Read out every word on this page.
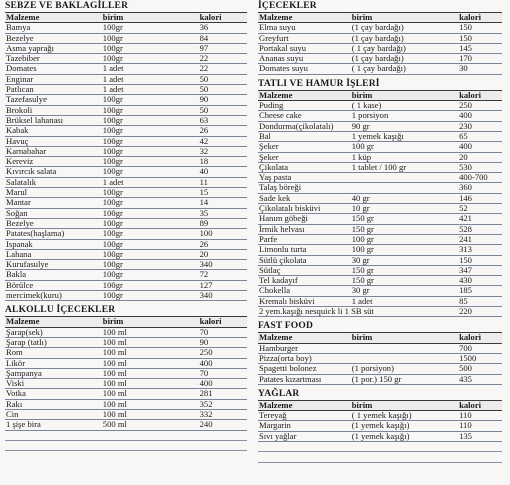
SEBZE VE BAKLAGİLLER
Malzeme	birim	kalori
Bamya	100gr	36
Bezelye	100gr	84
Asma yaprağı	100gr	97
Tazebiber	100gr	22
Domates	1 adet	22
Enginar	1 adet	50
Patlıcan	1 adet	50
Tazefasulye	100gr	90
Brokoli	100gr	50
Brüksel lahanası	100gr	63
Kabak	100gr	26
Havuç	100gr	42
Karnabahar	100gr	32
Kereviz	100gr	18
Kıvırcık salata	100gr	40
Salatalık	1 adet	11
Marul	100gr	15
Mantar	100gr	14
Soğan	100gr	35
Bezelye	100gr	89
Patates(haşlama)	100gr	100
Ispanak	100gr	26
Lahana	100gr	20
Kurufasulye	100gr	340
Bakla	100gr	72
Börülce	100gr	127
mercimek(kuru)	100gr	340
ALKOLLU İÇECEKLER
Malzeme	birim	kalori
Şarap(sek)	100 ml	70
Şarap (tatlı)	100 ml	90
Rom	100 ml	250
Likör	100 ml	400
Şampanya	100 ml	70
Viski	100 ml	400
Votka	100 ml	281
Rakı	100 ml	352
Cin	100 ml	332
1 şişe bira	500 ml	240

İÇECEKLER
Malzeme	birim	kalori
Elma suyu	(1 çay bardağı)	150
Greyfurt	(1 çay bardağı)	150
Portakal suyu	( 1 çay bardağı)	145
Ananas suyu	(1 çay bardağı)	170
Domates suyu	( 1 çay bardağı)	30
TATLI VE HAMUR İŞLERİ
Malzeme	birim	kalori
Puding	( 1 kase)	250
Cheese cake	1 porsiyon	400
Dondurma(çikolatalı)	90 gr	230
Bal	1 yemek kaşığı	65
Şeker	100 gr	400
Şeker	1 küp	20
Çikolata	1 tablet / 100 gr	530
Yaş pasta		400-700
Talaş böreği		360
Sade kek	40 gr	146
Çikolatalı bisküvi	10 gr	52
Hanım göbeği	150 gr	421
İrmik helvası	150 gr	528
Parfe	100 gr	241
Limonlu turta	100 gr	313
Sütlü çikolata	30 gr	150
Sütlaç	150 gr	347
Tel kadayıf	150 gr	430
Chokella	30 gr	185
Kremalı bisküvi	1 adet	85
2 yem.kaşığı nesquick li 1 SB süt		220
FAST FOOD
Malzeme	birim	kalori
Hamburger		700
Pizza(orta boy)		1500
Spagetti bolonez	(1 porsiyon)	500
Patates kızartması	(1 por.) 150 gr	435
YAĞLAR
Malzeme	birim	kalori
Tereyağ	( 1 yemek kaşığı)	110
Margarin	(1 yemek kaşığı)	110
Sıvı yağlar	(1 yemek kaşığı)	135
